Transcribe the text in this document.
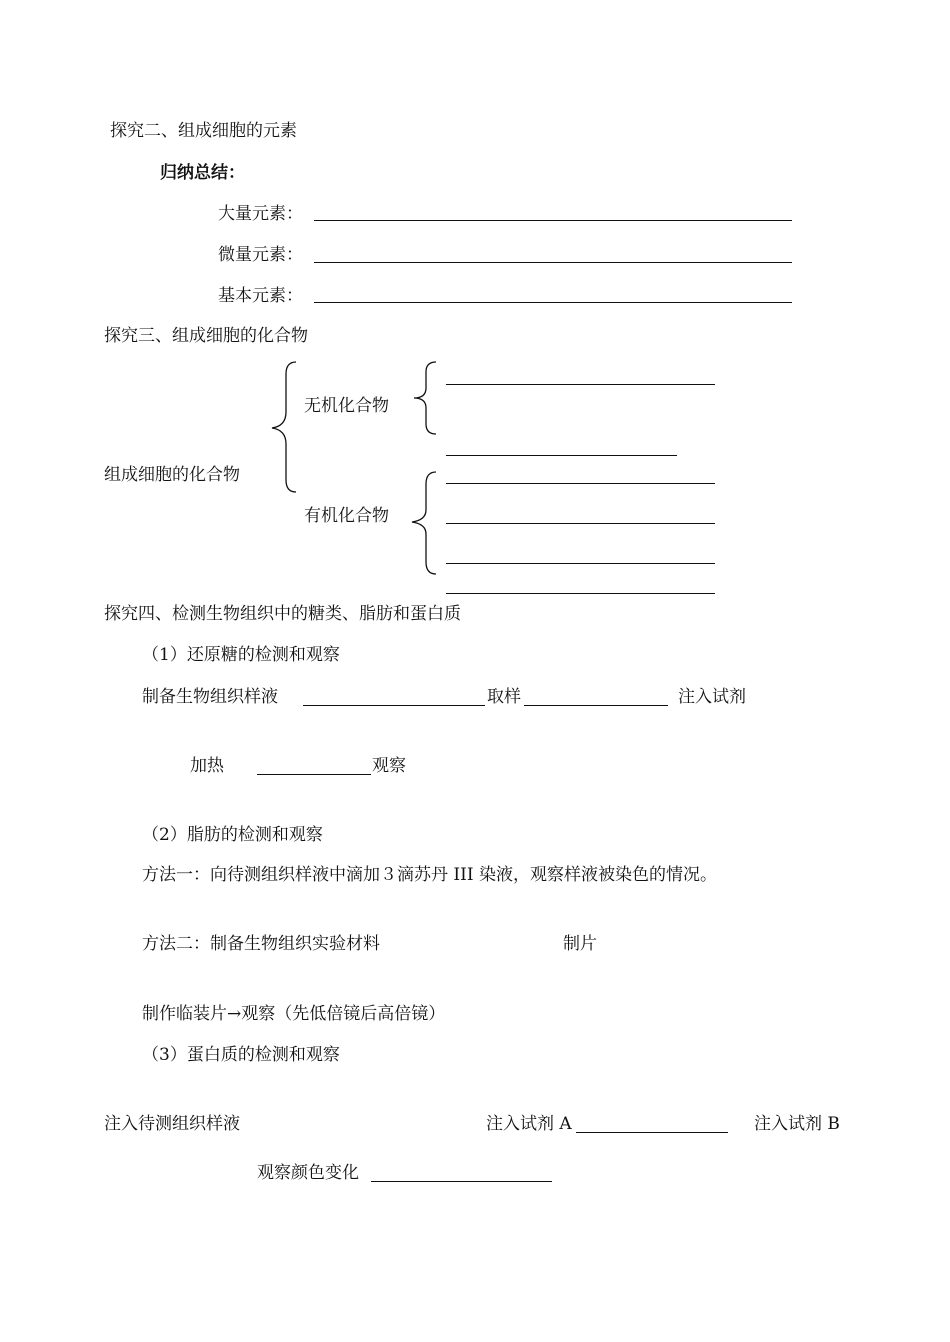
探究二、组成细胞的元素
归纳总结：
大量元素：
微量元素：
基本元素：
探究三、组成细胞的化合物
组成细胞的化合物
无机化合物
有机化合物
探究四、检测生物组织中的糖类、脂肪和蛋白质
（1）还原糖的检测和观察
制备生物组织样液	取样	注入试剂
加热	观察
（2）脂肪的检测和观察
方法一：向待测组织样液中滴加３滴苏丹 III 染液，观察样液被染色的情况。
方法二：制备生物组织实验材料	制片
制作临装片→观察（先低倍镜后高倍镜）
（3）蛋白质的检测和观察
注入待测组织样液	注入试剂 A	注入试剂 B
观察颜色变化
